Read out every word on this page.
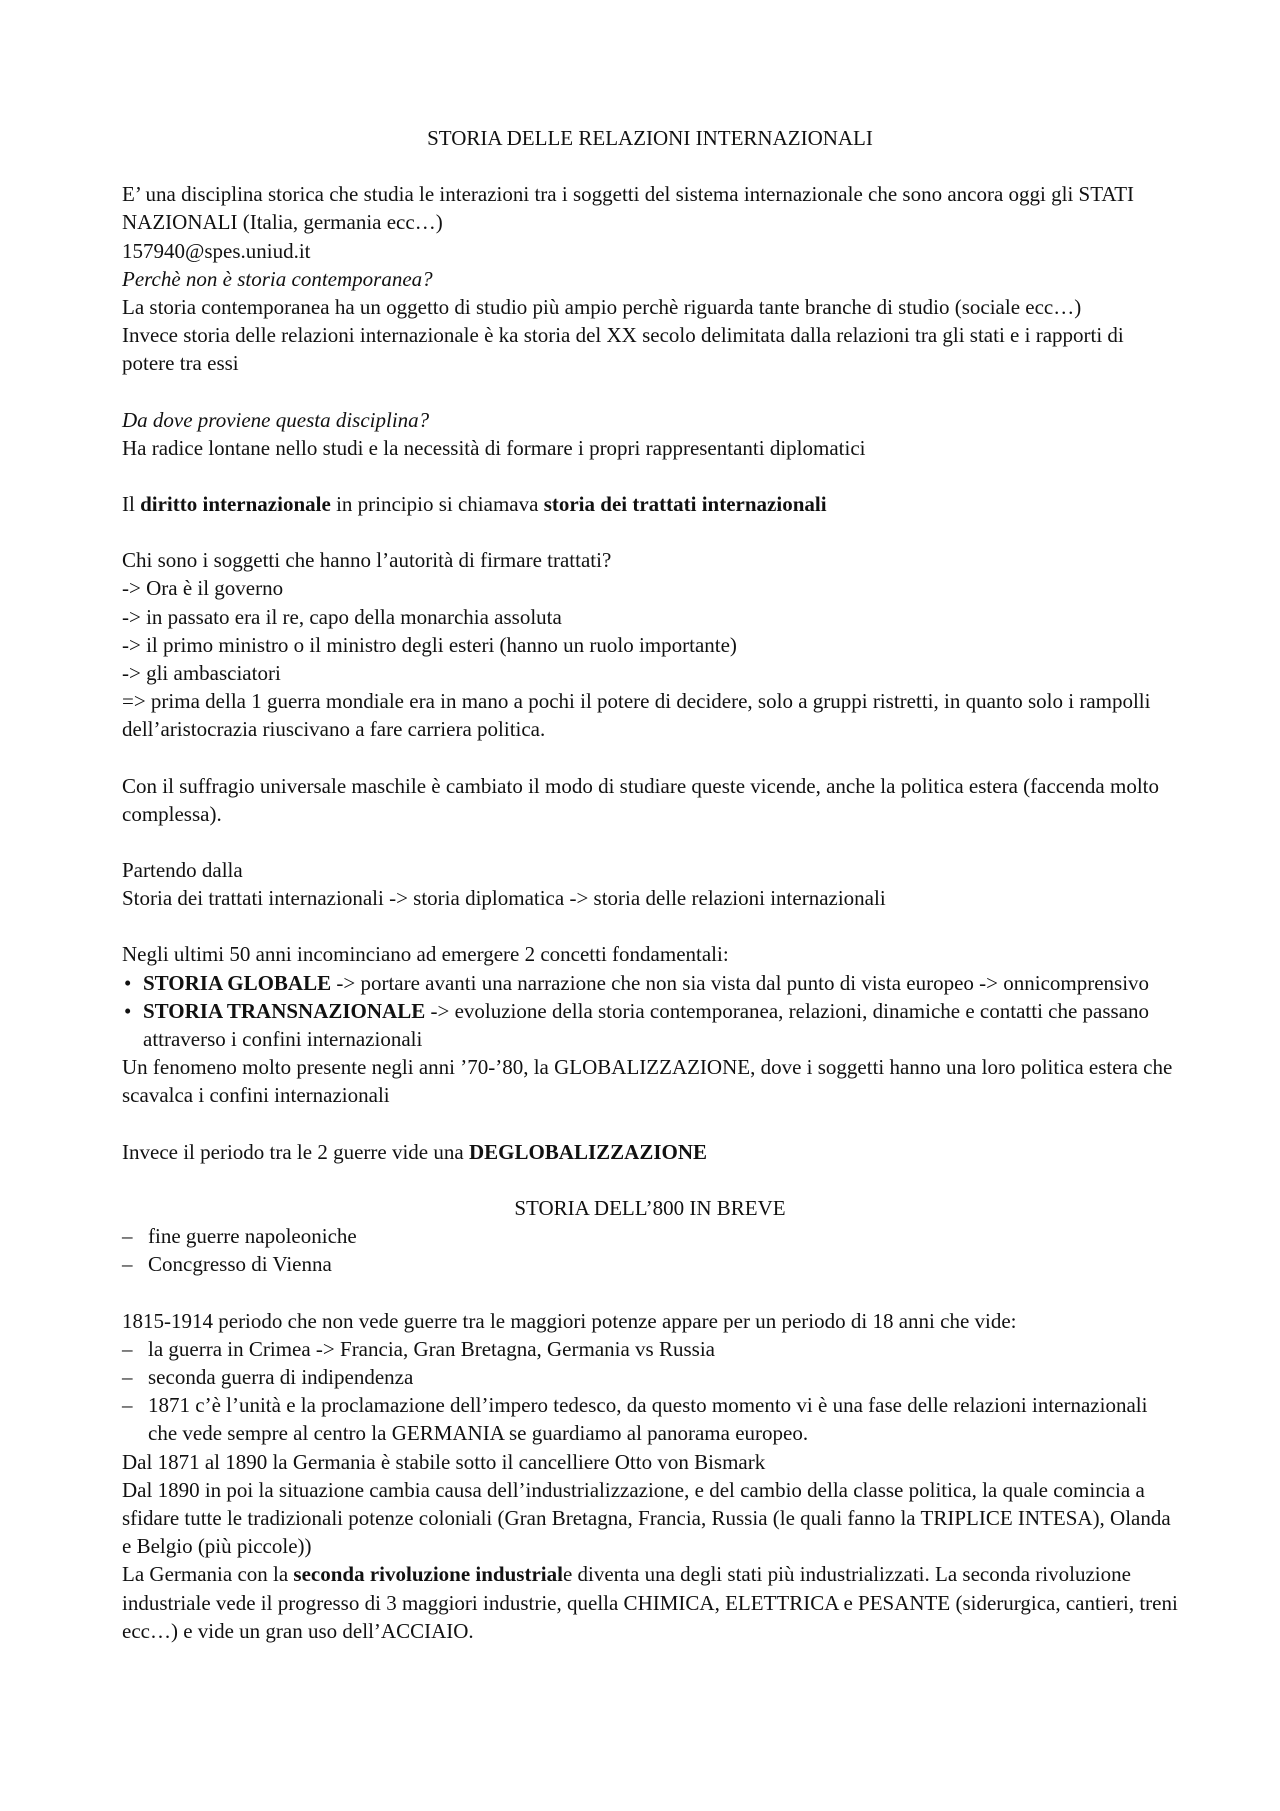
STORIA DELLE RELAZIONI INTERNAZIONALI

E’ una disciplina storica che studia le interazioni tra i soggetti del sistema internazionale che sono ancora oggi gli STATI NAZIONALI (Italia, germania ecc…)

157940@spes.uniud.it

Perchè non è storia contemporanea?

La storia contemporanea ha un oggetto di studio più ampio perchè riguarda tante branche di studio (sociale ecc…)

Invece storia delle relazioni internazionale è ka storia del XX secolo delimitata dalla relazioni tra gli stati e i rapporti di potere tra essi

Da dove proviene questa disciplina?

Ha radice lontane nello studi e la necessità di formare i propri rappresentanti diplomatici

Il diritto internazionale in principio si chiamava storia dei trattati internazionali

Chi sono i soggetti che hanno l’autorità di firmare trattati?

-> Ora è il governo

-> in passato era il re, capo della monarchia assoluta

-> il primo ministro o il ministro degli esteri (hanno un ruolo importante)

-> gli ambasciatori

=> prima della 1 guerra mondiale era in mano a pochi il potere di decidere, solo a gruppi ristretti, in quanto solo i rampolli dell’aristocrazia riuscivano a fare carriera politica.

Con il suffragio universale maschile è cambiato il modo di studiare queste vicende, anche la politica estera (faccenda molto complessa).

Partendo dalla

Storia dei trattati internazionali -> storia diplomatica -> storia delle relazioni internazionali

Negli ultimi 50 anni incominciano ad emergere 2 concetti fondamentali:

• STORIA GLOBALE -> portare avanti una narrazione che non sia vista dal punto di vista europeo -> onnicomprensivo
• STORIA TRANSNAZIONALE -> evoluzione della storia contemporanea, relazioni, dinamiche e contatti che passano attraverso i confini internazionali

Un fenomeno molto presente negli anni ’70-’80, la GLOBALIZZAZIONE, dove i soggetti hanno una loro politica estera che scavalca i confini internazionali

Invece il periodo tra le 2 guerre vide una DEGLOBALIZZAZIONE

STORIA DELL’800 IN BREVE

– fine guerre napoleoniche
– Concgresso di Vienna

1815-1914 periodo che non vede guerre tra le maggiori potenze appare per un periodo di 18 anni che vide:

– la guerra in Crimea -> Francia, Gran Bretagna, Germania vs Russia
– seconda guerra di indipendenza
– 1871 c’è l’unità e la proclamazione dell’impero tedesco, da questo momento vi è una fase delle relazioni internazionali che vede sempre al centro la GERMANIA se guardiamo al panorama europeo.

Dal 1871 al 1890 la Germania è stabile sotto il cancelliere Otto von Bismark

Dal 1890 in poi la situazione cambia causa dell’industrializzazione, e del cambio della classe politica, la quale comincia a sfidare tutte le tradizionali potenze coloniali (Gran Bretagna, Francia, Russia (le quali fanno la TRIPLICE INTESA), Olanda e Belgio (più piccole))

La Germania con la seconda rivoluzione industriale diventa una degli stati più industrializzati. La seconda rivoluzione industriale vede il progresso di 3 maggiori industrie, quella CHIMICA, ELETTRICA e PESANTE (siderurgica, cantieri, treni ecc…) e vide un gran uso dell’ACCIAIO.
